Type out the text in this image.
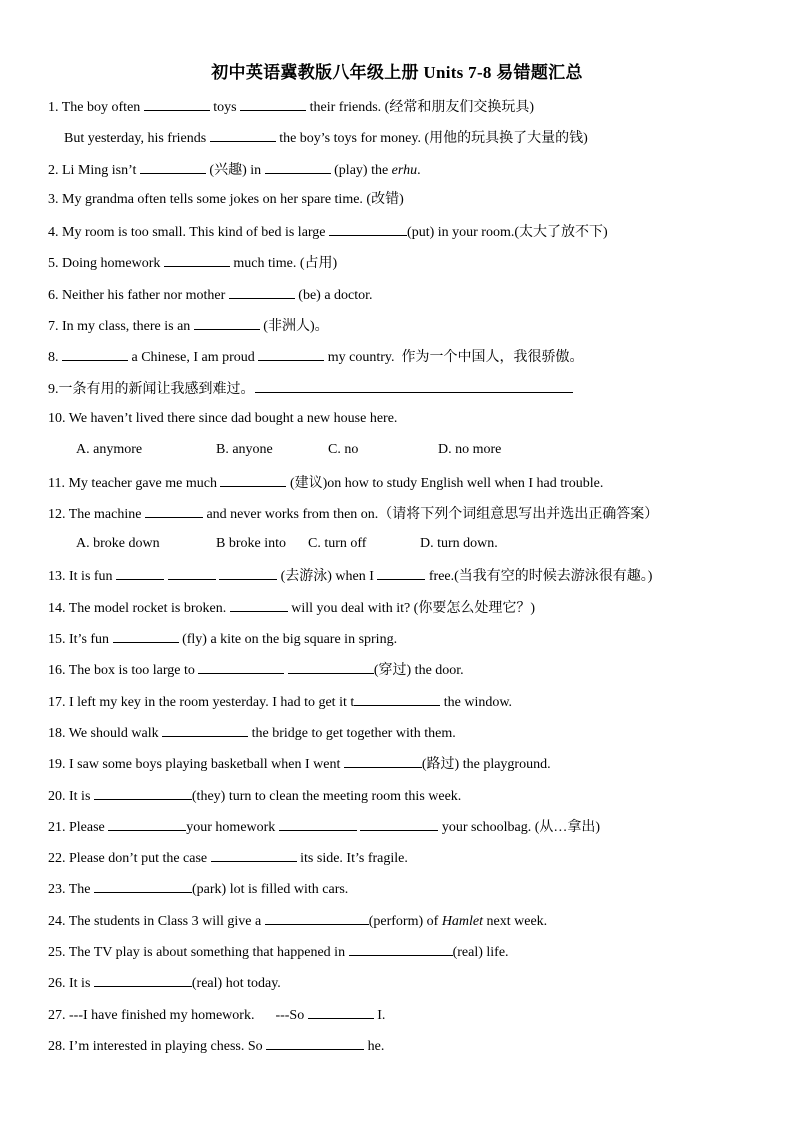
初中英语冀教版八年级上册 Units 7-8 易错题汇总
1. The boy often	toys	their friends. (经常和朋友们交换玩具)
But yesterday, his friends	the boy’s toys for money. (用他的玩具换了大量的钱)
2. Li Ming isn’t	(兴趣) in	(play) the erhu.
3. My grandma often tells some jokes on her spare time. (改错)
4. My room is too small. This kind of bed is large	(put) in your room.(太大了放不下)
5. Doing homework	much time. (占用)
6. Neither his father nor mother	(be) a doctor.
7. In my class, there is an	(非洲人)。
8.	a Chinese, I am proud	my country.  作为一个中国人，我很骄傲。
9.一条有用的新闻让我感到难过。
10. We haven’t lived there since dad bought a new house here.
A. anymore	B. anyone	C. no	D. no more
11. My teacher gave me much	(建议)on how to study English well when I had trouble.
12. The machine	and never works from then on.（请将下列个词组意思写出并选出正确答案）
A. broke down	B broke into C. turn off	D. turn down.
13. It is fun	(去游泳) when I	free.(当我有空的时候去游泳很有趣。)
14. The model rocket is broken.	will you deal with it? (你要怎么处理它？)
15. It’s fun	(fly) a kite on the big square in spring.
16. The box is too large to	(穿过) the door.
17. I left my key in the room yesterday. I had to get it t	the window.
18. We should walk	the bridge to get together with them.
19. I saw some boys playing basketball when I went	(路过) the playground.
20. It is	(they) turn to clean the meeting room this week.
21. Please	your homework	your schoolbag. (从…拿出)
22. Please don’t put the case	its side. It’s fragile.
23. The	(park) lot is filled with cars.
24. The students in Class 3 will give a	(perform) of Hamlet next week.
25. The TV play is about something that happened in	(real) life.
26. It is	(real) hot today.
27. ---I have finished my homework.      ---So	I.
28. I’m interested in playing chess. So	he.
